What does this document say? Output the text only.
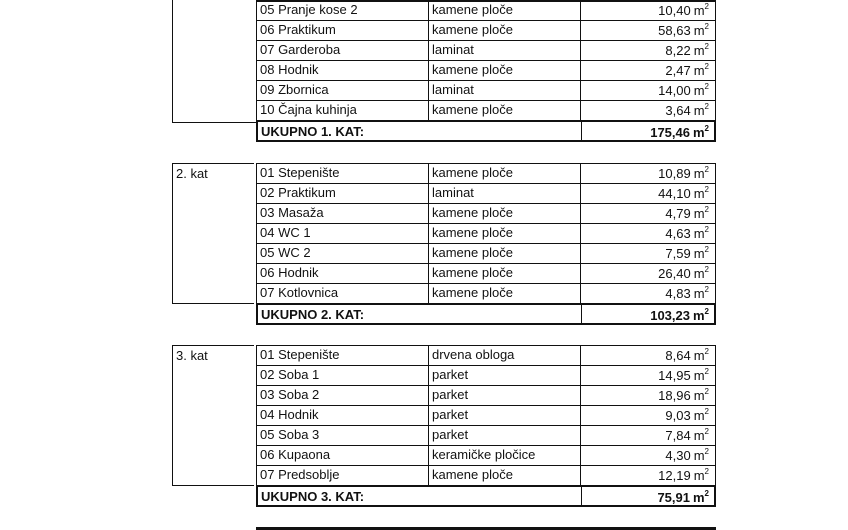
05 Pranje kose 2	kamene ploče	10,40 $m^2$
06 Praktikum	kamene ploče	58,63 $m^2$
07 Garderoba	laminat	8,22 $m^2$
08 Hodnik	kamene ploče	2,47 $m^2$
09 Zbornica	laminat	14,00 $m^2$
10 Čajna kuhinja	kamene ploče	3,64 $m^2$
UKUPNO 1. KAT:	175,46 $m^2$
2. kat	01 Stepenište	kamene ploče	10,89 $m^2$
02 Praktikum	laminat	44,10 $m^2$
03 Masaža	kamene ploče	4,79 $m^2$
04 WC 1	kamene ploče	4,63 $m^2$
05 WC 2	kamene ploče	7,59 $m^2$
06 Hodnik	kamene ploče	26,40 $m^2$
07 Kotlovnica	kamene ploče	4,83 $m^2$
UKUPNO 2. KAT:	103,23 $m^2$
3. kat	01 Stepenište	drvena obloga	8,64 $m^2$
02 Soba 1	parket	14,95 $m^2$
03 Soba 2	parket	18,96 $m^2$
04 Hodnik	parket	9,03 $m^2$
05 Soba 3	parket	7,84 $m^2$
06 Kupaona	keramičke pločice	4,30 $m^2$
07 Predsoblje	kamene ploče	12,19 $m^2$
UKUPNO 3. KAT:	75,91 $m^2$
